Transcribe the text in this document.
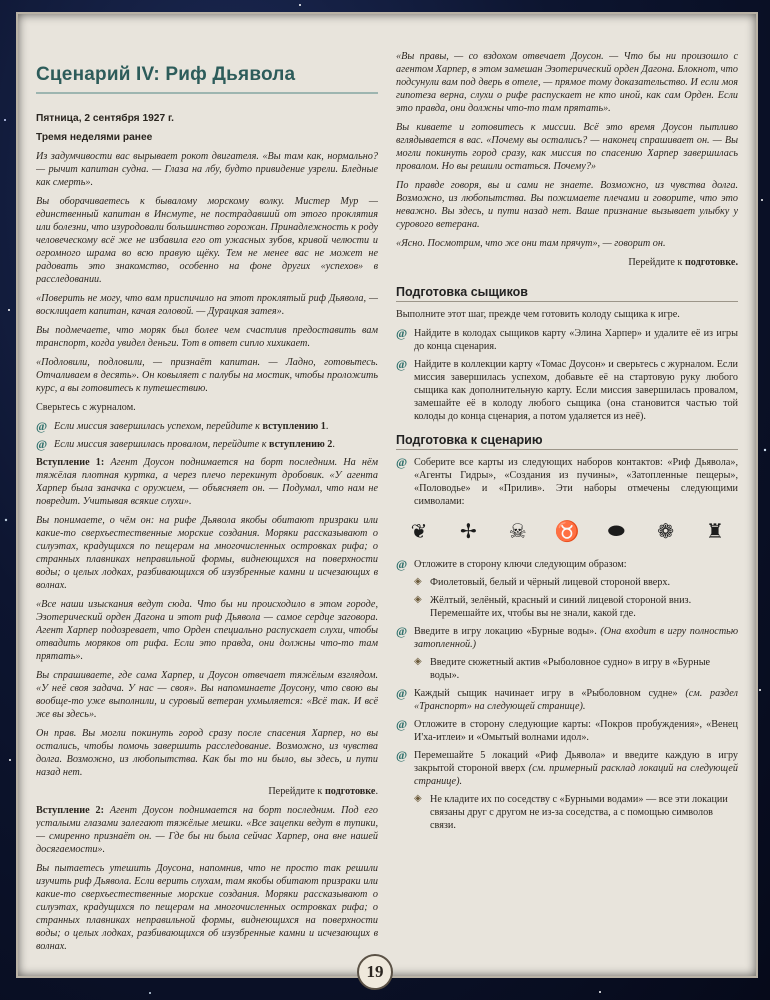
Сценарий IV: Риф Дьявола

Пятница, 2 сентября 1927 г.

Тремя неделями ранее

Из задумчивости вас вырывает рокот двигателя. «Вы там как, нормально? — рычит капитан судна. — Глаза на лбу, будто привидение узрели. Бледные как смерть».

Вы оборачиваетесь к бывалому морскому волку. Мистер Мур — единственный капитан в Инсмуте, не пострадавший от этого проклятия или болезни, что изуродовали большинство горожан. Принадлежность к роду человеческому всё же не избавила его от ужасных зубов, кривой челюсти и огромного шрама во всю правую щёку. Тем не менее вас не может не радовать это знакомство, особенно на фоне других «успехов» в расследовании.

«Поверить не могу, что вам приспичило на этот проклятый риф Дьявола, — восклицает капитан, качая головой. — Дурацкая затея».

Вы подмечаете, что моряк был более чем счастлив предоставить вам транспорт, когда увидел деньги. Тот в ответ сипло хихикает.

«Подловили, подловили, — признаёт капитан. — Ладно, готовьтесь. Отчаливаем в десять». Он ковыляет с палубы на мостик, чтобы проложить курс, а вы готовитесь к путешествию.

Сверьтесь с журналом.

@ Если миссия завершилась успехом, перейдите к вступлению 1.
@ Если миссия завершилась провалом, перейдите к вступлению 2.

Вступление 1: Агент Доусон поднимается на борт последним. На нём тяжёлая плотная куртка, а через плечо перекинут дробовик. «У агента Харпер была заначка с оружием, — объясняет он. — Подумал, что нам не повредит. Учитывая всякие слухи».

Вы понимаете, о чём он: на рифе Дьявола якобы обитают призраки или какие-то сверхъестественные морские создания. Моряки рассказывают о силуэтах, крадущихся по пещерам на многочисленных островках рифа; о странных плавниках неправильной формы, виднеющихся на поверхности воды; о целых лодках, разбивающихся об изузбренные камни и исчезающих в волнах.

«Все наши изыскания ведут сюда. Что бы ни происходило в этом городе, Эзотерический орден Дагона и этот риф Дьявола — самое сердце заговора. Агент Харпер подозревает, что Орден специально распускает слухи, чтобы отвадить моряков от рифа. Если это правда, они должны что-то там прятать».

Вы спрашиваете, где сама Харпер, и Доусон отвечает тяжёлым взглядом. «У неё своя задача. У нас — своя». Вы напоминаете Доусону, что свою вы вообще-то уже выполнили, и суровый ветеран ухмыляется: «Всё так. И всё же вы здесь».

Он прав. Вы могли покинуть город сразу после спасения Харпер, но вы остались, чтобы помочь завершить расследование. Возможно, из чувства долга. Возможно, из любопытства. Как бы то ни было, вы здесь, и пути назад нет.

Перейдите к подготовке.

Вступление 2: Агент Доусон поднимается на борт последним. Под его усталыми глазами залегают тяжёлые мешки. «Все зацепки ведут в тупики, — смиренно признаёт он. — Где бы ни была сейчас Харпер, она вне нашей досягаемости».

Вы пытаетесь утешить Доусона, напомнив, что не просто так решили изучить риф Дьявола. Если верить слухам, там якобы обитают призраки или какие-то сверхъестественные морские создания. Моряки рассказывают о силуэтах, крадущихся по пещерам на многочисленных островках рифа; о странных плавниках неправильной формы, виднеющихся на поверхности воды; о целых лодках, разбивающихся об изузбренные камни и исчезающих в волнах.

«Вы правы, — со вздохом отвечает Доусон. — Что бы ни произошло с агентом Харпер, в этом замешан Эзотерический орден Дагона. Блокнот, что подсунули вам под дверь в отеле, — прямое тому доказательство. И если моя гипотеза верна, слухи о рифе распускает не кто иной, как сам Орден. Если это правда, они должны что-то там прятать».

Вы киваете и готовитесь к миссии. Всё это время Доусон пытливо вглядывается в вас. «Почему вы остались? — наконец спрашивает он. — Вы могли покинуть город сразу, как миссия по спасению Харпер завершилась провалом. Но вы решили остаться. Почему?»

По правде говоря, вы и сами не знаете. Возможно, из чувства долга. Возможно, из любопытства. Вы пожимаете плечами и говорите, что это неважно. Вы здесь, и пути назад нет. Ваше признание вызывает улыбку у сурового ветерана.

«Ясно. Посмотрим, что же они там прячут», — говорит он.

Перейдите к подготовке.

Подготовка сыщиков

Выполните этот шаг, прежде чем готовить колоду сыщика к игре.

@ Найдите в колодах сыщиков карту «Элина Харпер» и удалите её из игры до конца сценария.
@ Найдите в коллекции карту «Томас Доусон» и сверьтесь с журналом. Если миссия завершилась успехом, добавьте её на стартовую руку любого сыщика как дополнительную карту. Если миссия завершилась провалом, замешайте её в колоду любого сыщика (она становится частью той колоды до конца сценария, а потом удаляется из неё).
Подготовка к сценарию
@ Соберите все карты из следующих наборов контактов: «Риф Дьявола», «Агенты Гидры», «Создания из пучины», «Затопленные пещеры», «Половодье» и «Прилив». Эти наборы отмечены следующими символами:
❦ ✢ ☠ ♉ ⬬ ❁ ♜
@ Отложите в сторону ключи следующим образом:
◈ Фиолетовый, белый и чёрный лицевой стороной вверх.
◈ Жёлтый, зелёный, красный и синий лицевой стороной вниз. Перемешайте их, чтобы вы не знали, какой где.
@ Введите в игру локацию «Бурные воды». (Она входит в игру полностью затопленной.)
◈ Введите сюжетный актив «Рыболовное судно» в игру в «Бурные воды».
@ Каждый сыщик начинает игру в «Рыболовном судне» (см. раздел «Транспорт» на следующей странице).
@ Отложите в сторону следующие карты: «Покров пробуждения», «Венец И'ха-итлеи» и «Омытый волнами идол».
@ Перемешайте 5 локаций «Риф Дьявола» и введите каждую в игру закрытой стороной вверх (см. примерный расклад локаций на следующей странице).
◈ Не кладите их по соседству с «Бурными водами» — все эти локации связаны друг с другом не из-за соседства, а с помощью символов связи.
19
